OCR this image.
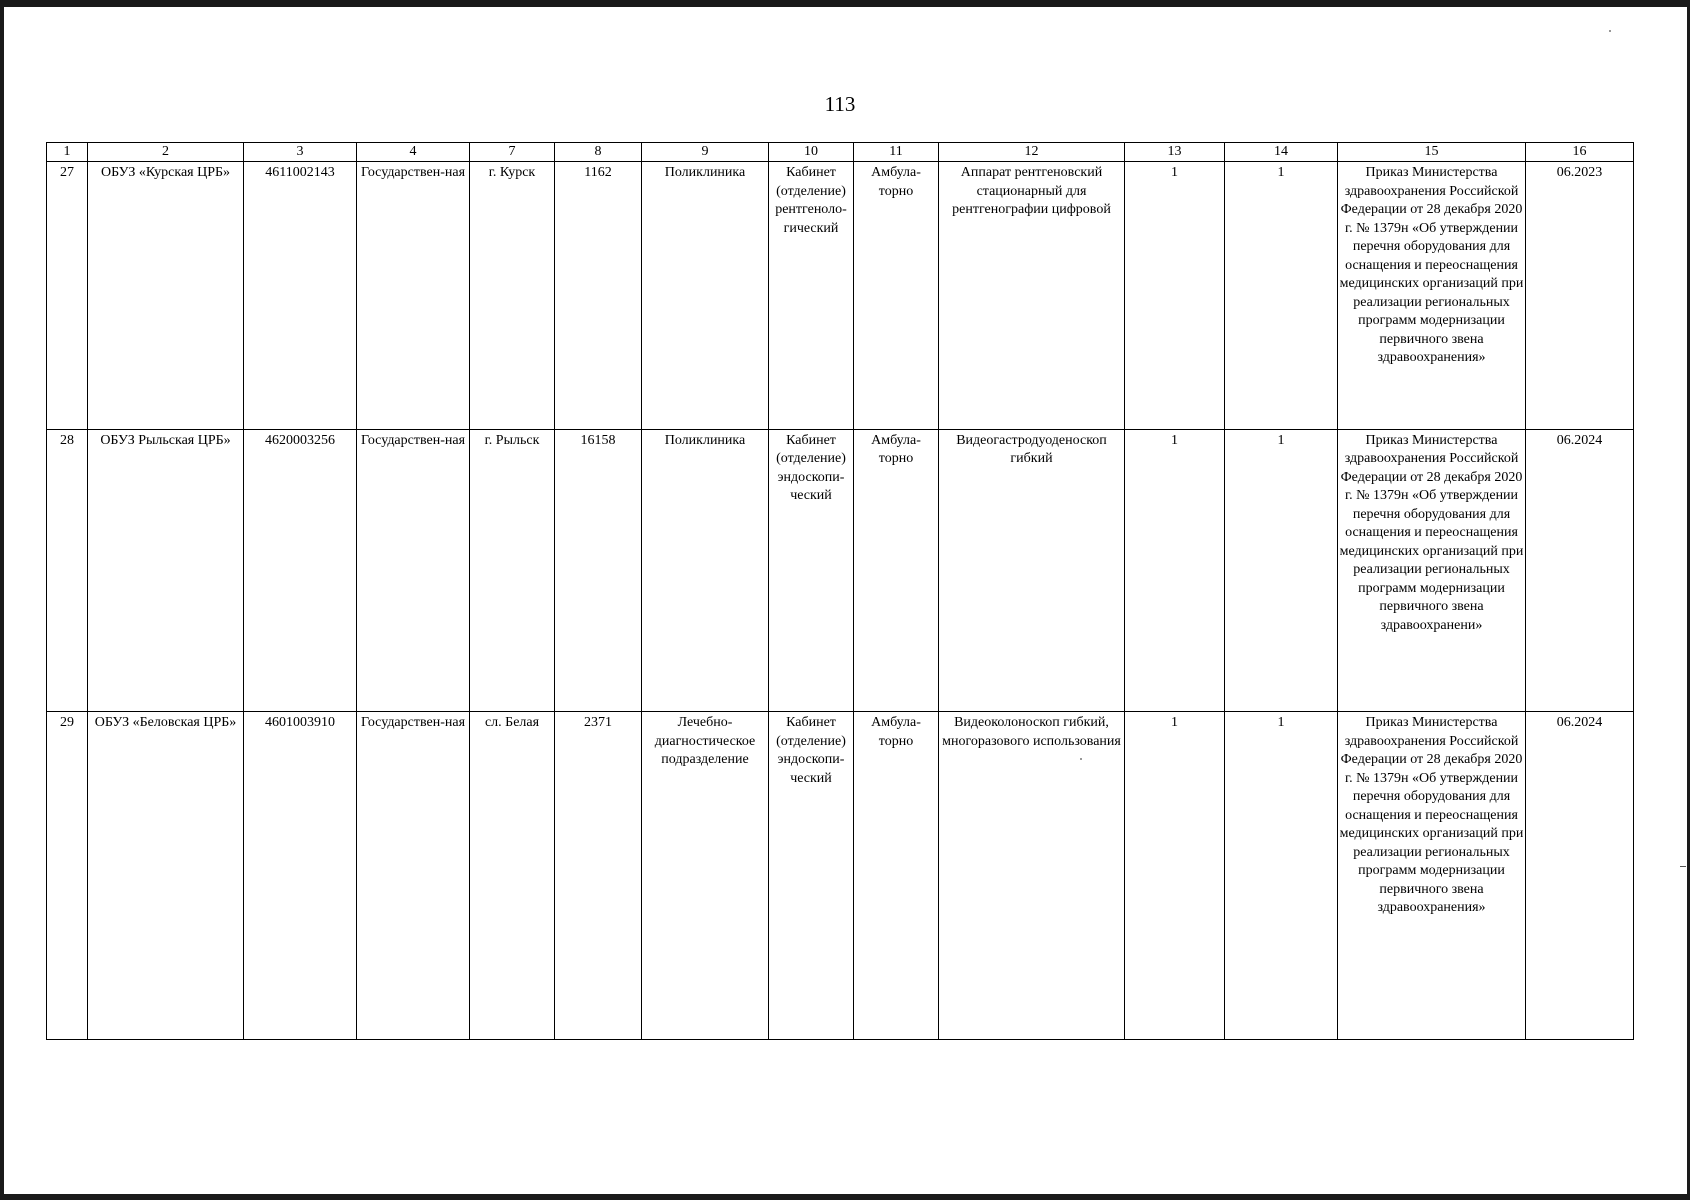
113
1	2	3	4	7	8	9	10	11	12	13	14	15	16
27	ОБУЗ «Курская ЦРБ»	4611002143	Государствен-ная	г. Курск	1162	Поликлиника	Кабинет (отделение) рентгеноло-гический	Амбула-торно	Аппарат рентгеновский стационарный для рентгенографии цифровой	1	1	Приказ Министерства здравоохранения Российской Федерации от 28 декабря 2020 г. № 1379н «Об утверждении перечня оборудования для оснащения и переоснащения медицинских организаций при реализации региональных программ модернизации первичного звена здравоохранения»	06.2023
28	ОБУЗ Рыльская ЦРБ»	4620003256	Государствен-ная	г. Рыльск	16158	Поликлиника	Кабинет (отделение) эндоскопи-ческий	Амбула-торно	Видеогастродуоденоскоп гибкий	1	1	Приказ Министерства здравоохранения Российской Федерации от 28 декабря 2020 г. № 1379н «Об утверждении перечня оборудования для оснащения и переоснащения медицинских организаций при реализации региональных программ модернизации первичного звена здравоохранени»	06.2024
29	ОБУЗ «Беловская ЦРБ»	4601003910	Государствен-ная	сл. Белая	2371	Лечебно-диагностическое подразделение	Кабинет (отделение) эндоскопи-ческий	Амбула-торно	Видеоколоноскоп гибкий, многоразового использования	1	1	Приказ Министерства здравоохранения Российской Федерации от 28 декабря 2020 г. № 1379н «Об утверждении перечня оборудования для оснащения и переоснащения медицинских организаций при реализации региональных программ модернизации первичного звена здравоохранения»	06.2024
